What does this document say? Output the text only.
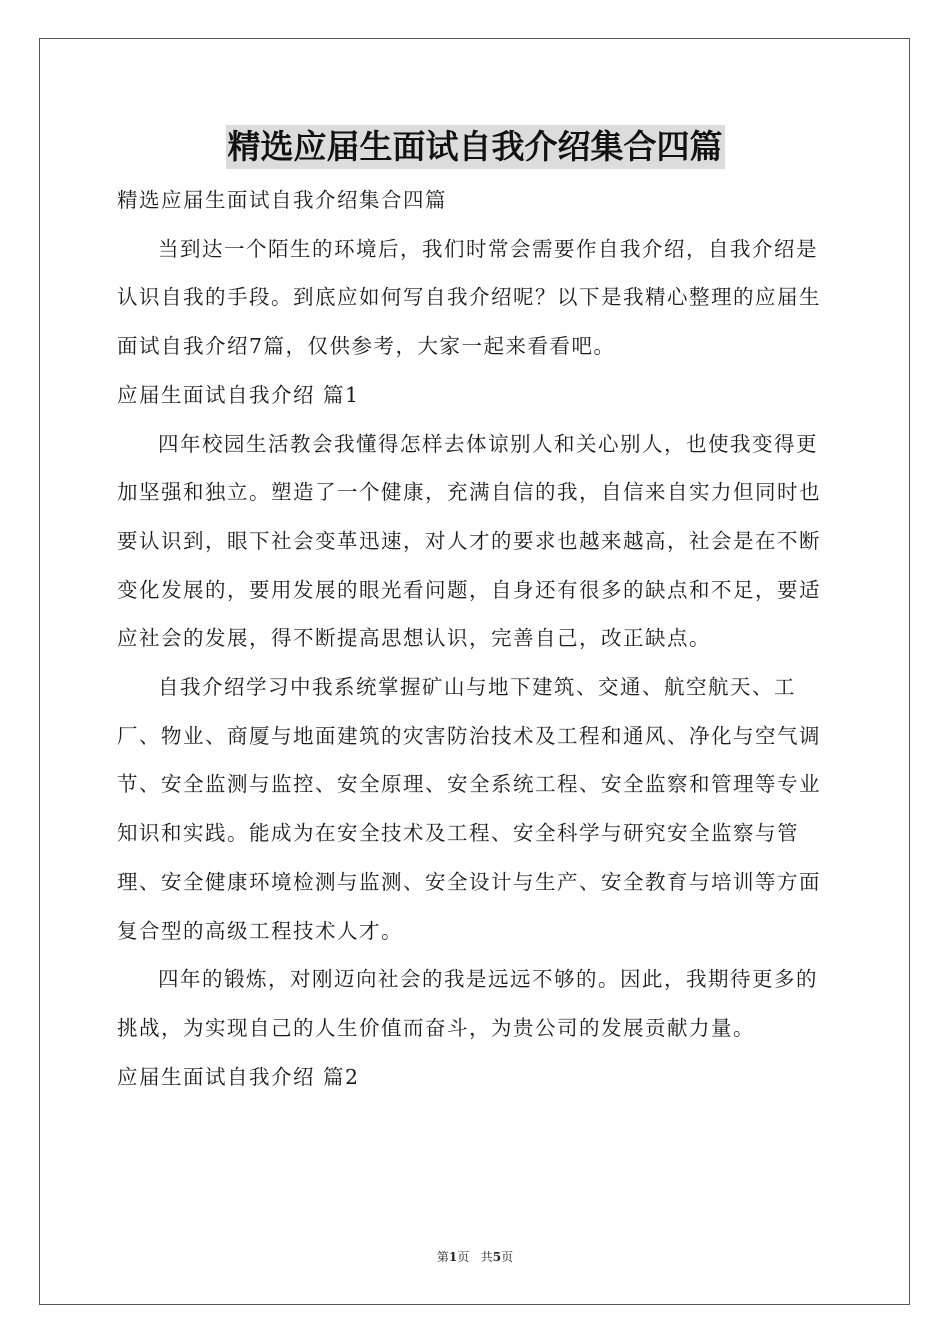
精选应届生面试自我介绍集合四篇

精选应届生面试自我介绍集合四篇

当到达一个陌生的环境后，我们时常会需要作自我介绍，自我介绍是认识自我的手段。到底应如何写自我介绍呢？以下是我精心整理的应届生面试自我介绍7篇，仅供参考，大家一起来看看吧。

应届生面试自我介绍 篇1

四年校园生活教会我懂得怎样去体谅别人和关心别人，也使我变得更加坚强和独立。塑造了一个健康，充满自信的我，自信来自实力但同时也要认识到，眼下社会变革迅速，对人才的要求也越来越高，社会是在不断变化发展的，要用发展的眼光看问题，自身还有很多的缺点和不足，要适应社会的发展，得不断提高思想认识，完善自己，改正缺点。

自我介绍学习中我系统掌握矿山与地下建筑、交通、航空航天、工厂、物业、商厦与地面建筑的灾害防治技术及工程和通风、净化与空气调节、安全监测与监控、安全原理、安全系统工程、安全监察和管理等专业知识和实践。能成为在安全技术及工程、安全科学与研究安全监察与管理、安全健康环境检测与监测、安全设计与生产、安全教育与培训等方面复合型的高级工程技术人才。

四年的锻炼，对刚迈向社会的我是远远不够的。因此，我期待更多的挑战，为实现自己的人生价值而奋斗，为贵公司的发展贡献力量。

应届生面试自我介绍 篇2

第1页 共5页
